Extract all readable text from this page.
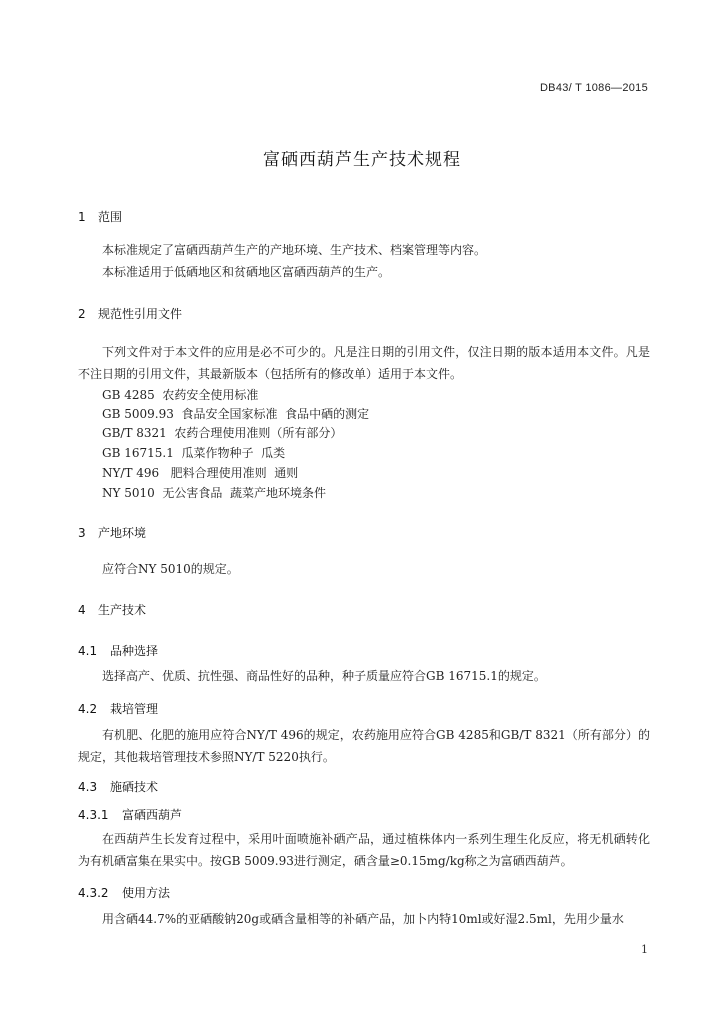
DB43/ T 1086—2015
富硒西葫芦生产技术规程
1 范围
本标准规定了富硒西葫芦生产的产地环境、生产技术、档案管理等内容。
本标准适用于低硒地区和贫硒地区富硒西葫芦的生产。
2 规范性引用文件
下列文件对于本文件的应用是必不可少的。凡是注日期的引用文件，仅注日期的版本适用本文件。凡是不注日期的引用文件，其最新版本（包括所有的修改单）适用于本文件。
GB 4285  农药安全使用标准
GB 5009.93  食品安全国家标准  食品中硒的测定
GB/T 8321  农药合理使用准则（所有部分）
GB 16715.1  瓜菜作物种子  瓜类
NY/T 496   肥料合理使用准则  通则
NY 5010  无公害食品  蔬菜产地环境条件
3 产地环境
应符合NY 5010的规定。
4 生产技术
4.1 品种选择
选择高产、优质、抗性强、商品性好的品种，种子质量应符合GB 16715.1的规定。
4.2 栽培管理
有机肥、化肥的施用应符合NY/T 496的规定，农药施用应符合GB 4285和GB/T 8321（所有部分）的规定，其他栽培管理技术参照NY/T 5220执行。
4.3 施硒技术
4.3.1 富硒西葫芦
在西葫芦生长发育过程中，采用叶面喷施补硒产品，通过植株体内一系列生理生化反应，将无机硒转化为有机硒富集在果实中。按GB 5009.93进行测定，硒含量≥0.15mg/kg称之为富硒西葫芦。
4.3.2 使用方法
用含硒44.7%的亚硒酸钠20g或硒含量相等的补硒产品，加卜内特10ml或好湿2.5ml，先用少量水
1
